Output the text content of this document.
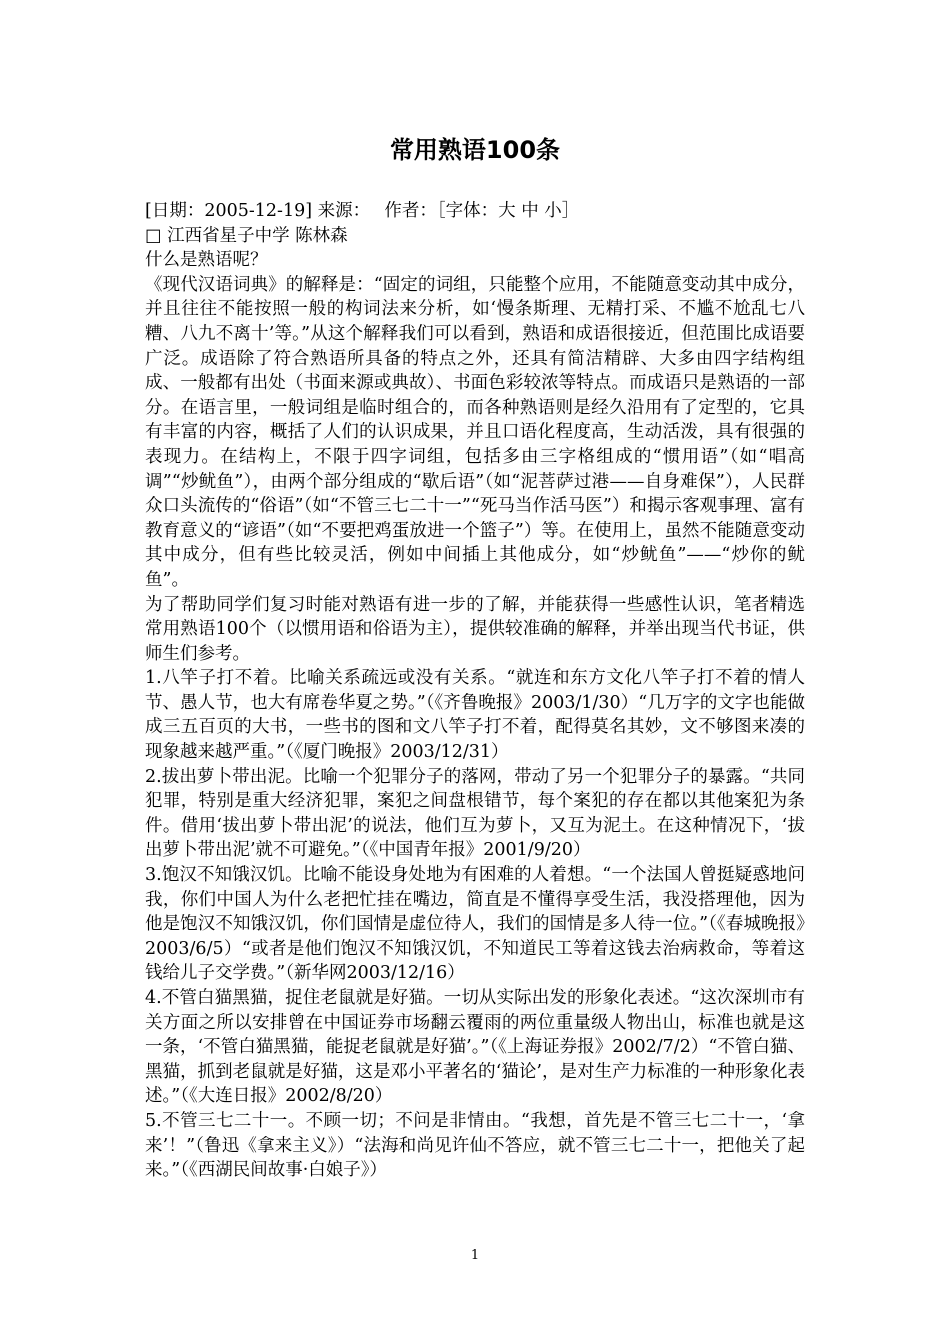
常用熟语100条

[日期：2005-12-19] 来源：　 作者：［字体：大 中 小］

□ 江西省星子中学 陈林森

什么是熟语呢？

《现代汉语词典》的解释是：“固定的词组，只能整个应用，不能随意变动其中成分，并且往往不能按照一般的构词法来分析，如‘慢条斯理、无精打采、不尴不尬乱七八糟、八九不离十’等。”从这个解释我们可以看到，熟语和成语很接近，但范围比成语要广泛。成语除了符合熟语所具备的特点之外，还具有简洁精辟、大多由四字结构组成、一般都有出处（书面来源或典故）、书面色彩较浓等特点。而成语只是熟语的一部分。在语言里，一般词组是临时组合的，而各种熟语则是经久沿用有了定型的，它具有丰富的内容，概括了人们的认识成果，并且口语化程度高，生动活泼，具有很强的表现力。在结构上，不限于四字词组，包括多由三字格组成的“惯用语”（如“唱高调”“炒鱿鱼”），由两个部分组成的“歇后语”（如“泥菩萨过港——自身难保”），人民群众口头流传的“俗语”（如“不管三七二十一”“死马当作活马医”）和揭示客观事理、富有教育意义的“谚语”（如“不要把鸡蛋放进一个篮子”）等。在使用上，虽然不能随意变动其中成分，但有些比较灵活，例如中间插上其他成分，如“炒鱿鱼”——“炒你的鱿鱼”。

为了帮助同学们复习时能对熟语有进一步的了解，并能获得一些感性认识，笔者精选常用熟语100个（以惯用语和俗语为主），提供较准确的解释，并举出现当代书证，供师生们参考。

1.八竿子打不着。比喻关系疏远或没有关系。“就连和东方文化八竿子打不着的情人节、愚人节，也大有席卷华夏之势。”（《齐鲁晚报》2003/1/30）“几万字的文字也能做成三五百页的大书，一些书的图和文八竿子打不着，配得莫名其妙，文不够图来凑的现象越来越严重。”（《厦门晚报》2003/12/31）

2.拔出萝卜带出泥。比喻一个犯罪分子的落网，带动了另一个犯罪分子的暴露。“共同犯罪，特别是重大经济犯罪，案犯之间盘根错节，每个案犯的存在都以其他案犯为条件。借用‘拔出萝卜带出泥’的说法，他们互为萝卜，又互为泥土。在这种情况下，‘拔出萝卜带出泥’就不可避免。”（《中国青年报》2001/9/20）

3.饱汉不知饿汉饥。比喻不能设身处地为有困难的人着想。“一个法国人曾挺疑惑地问我，你们中国人为什么老把忙挂在嘴边，简直是不懂得享受生活，我没搭理他，因为他是饱汉不知饿汉饥，你们国情是虚位待人，我们的国情是多人待一位。”（《春城晚报》2003/6/5）“或者是他们饱汉不知饿汉饥，不知道民工等着这钱去治病救命，等着这钱给儿子交学费。”（新华网2003/12/16）

4.不管白猫黑猫，捉住老鼠就是好猫。一切从实际出发的形象化表述。“这次深圳市有关方面之所以安排曾在中国证券市场翻云覆雨的两位重量级人物出山，标准也就是这一条，‘不管白猫黑猫，能捉老鼠就是好猫’。”（《上海证券报》2002/7/2）“不管白猫、黑猫，抓到老鼠就是好猫，这是邓小平著名的‘猫论’，是对生产力标准的一种形象化表述。”（《大连日报》2002/8/20）

5.不管三七二十一。不顾一切；不问是非情由。“我想，首先是不管三七二十一，‘拿来’！”（鲁迅《拿来主义》）“法海和尚见许仙不答应，就不管三七二十一，把他关了起来。”（《西湖民间故事·白娘子》）

1
